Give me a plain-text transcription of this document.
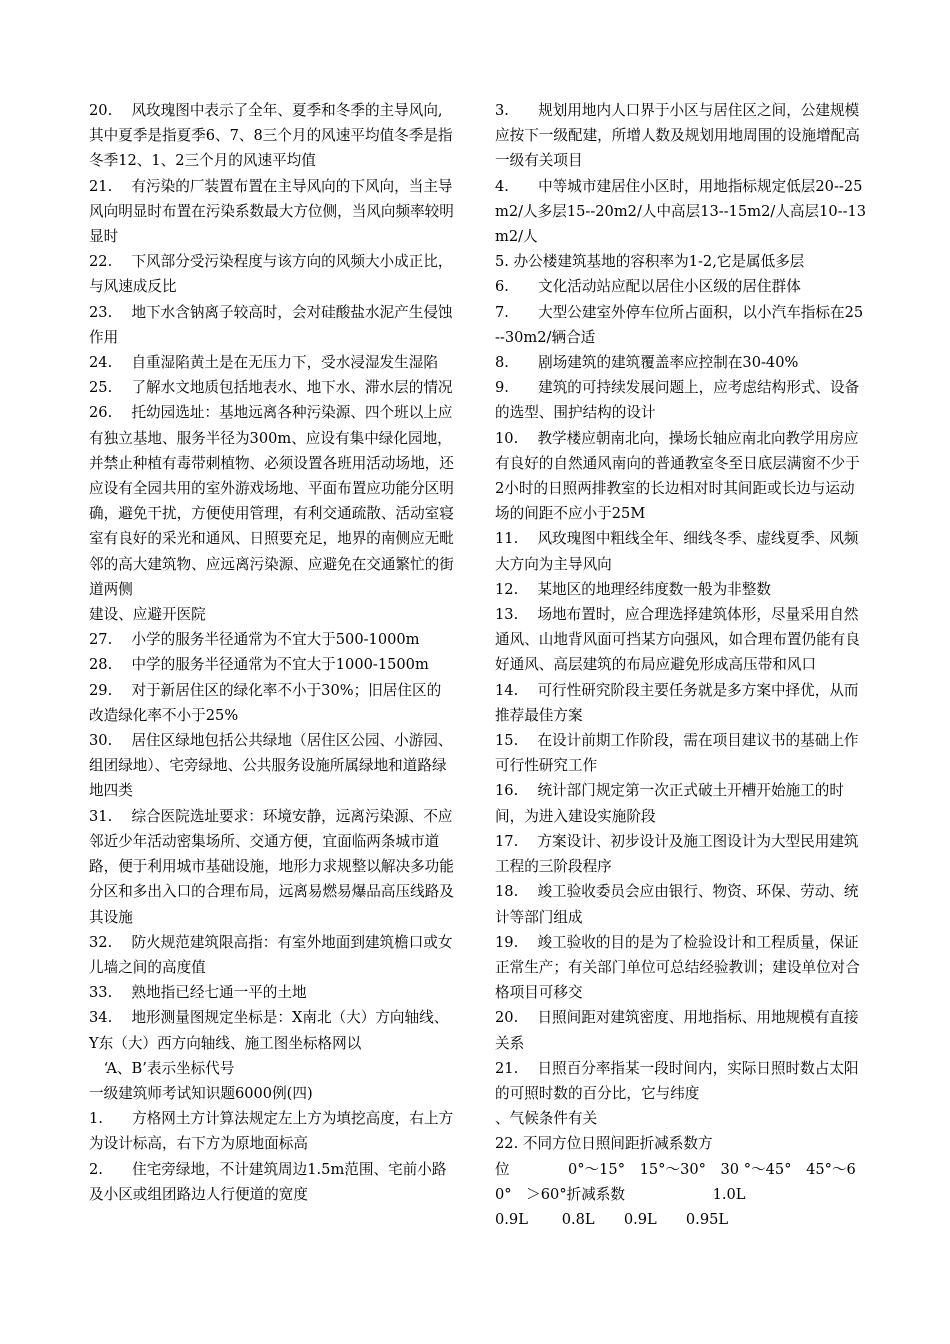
20.　 风玫瑰图中表示了全年、夏季和冬季的主导风向,其中夏季是指夏季6、7、8三个月的风速平均值冬季是指冬季12、1、2三个月的风速平均值

21.　 有污染的厂装置布置在主导风向的下风向，当主导风向明显时布置在污染系数最大方位侧，当风向频率较明显时

22.　 下风部分受污染程度与该方向的风频大小成正比，与风速成反比

23.　 地下水含钠离子较高时，会对硅酸盐水泥产生侵蚀作用

24.　 自重湿陷黄土是在无压力下，受水浸湿发生湿陷

25.　 了解水文地质包括地表水、地下水、滞水层的情况

26.　 托幼园选址：基地远离各种污染源、四个班以上应有独立基地、服务半径为300m、应设有集中绿化园地，并禁止种植有毒带刺植物、必须设置各班用活动场地，还应设有全园共用的室外游戏场地、平面布置应功能分区明确，避免干扰，方便使用管理，有利交通疏散、活动室寝室有良好的采光和通风、日照要充足，地界的南侧应无毗邻的高大建筑物、应远离污染源、应避免在交通繁忙的街道两侧

建设、应避开医院

27.　 小学的服务半径通常为不宜大于500-1000m

28.　 中学的服务半径通常为不宜大于1000-1500m

29.　 对于新居住区的绿化率不小于30%；旧居住区的改造绿化率不小于25%

30.　 居住区绿地包括公共绿地（居住区公园、小游园、组团绿地）、宅旁绿地、公共服务设施所属绿地和道路绿地四类

31.　 综合医院选址要求：环境安静，远离污染源、不应邻近少年活动密集场所、交通方便，宜面临两条城市道路，便于利用城市基础设施，地形力求规整以解决多功能分区和多出入口的合理布局，远离易燃易爆品高压线路及其设施

32.　 防火规范建筑限高指：有室外地面到建筑檐口或女儿墙之间的高度值

33.　 熟地指已经七通一平的土地

34.　 地形测量图规定坐标是：X南北（大）方向轴线、Y东（大）西方向轴线、施工图坐标格网以

　‘A、B’表示坐标代号

一级建筑师考试知识题6000例(四)

1.　　方格网土方计算法规定左上方为填挖高度，右上方为设计标高，右下方为原地面标高

2.　　住宅旁绿地，不计建筑周边1.5m范围、宅前小路及小区或组团路边人行便道的宽度

3.　　规划用地内人口界于小区与居住区之间，公建规模应按下一级配建，所增人数及规划用地周围的设施增配高一级有关项目

4.　　中等城市建居住小区时，用地指标规定低层20--25m2/人多层15--20m2/人中高层13--15m2/人高层10--13m2/人

5. 办公楼建筑基地的容积率为1-2,它是属低多层

6.　　文化活动站应配以居住小区级的居住群体

7.　　大型公建室外停车位所占面积，以小汽车指标在25--30m2/辆合适

8.　　剧场建筑的建筑覆盖率应控制在30-40%

9.　　建筑的可持续发展问题上，应考虑结构形式、设备的选型、围护结构的设计

10.　 教学楼应朝南北向，操场长轴应南北向教学用房应有良好的自然通风南向的普通教室冬至日底层满窗不少于2小时的日照两排教室的长边相对时其间距或长边与运动场的间距不应小于25M

11.　 风玫瑰图中粗线全年、细线冬季、虚线夏季、风频大方向为主导风向

12.　 某地区的地理经纬度数一般为非整数

13.　 场地布置时，应合理选择建筑体形，尽量采用自然通风、山地背风面可挡某方向强风，如合理布置仍能有良好通风、高层建筑的布局应避免形成高压带和风口

14.　 可行性研究阶段主要任务就是多方案中择优，从而推荐最佳方案

15.　 在设计前期工作阶段，需在项目建议书的基础上作可行性研究工作

16.　 统计部门规定第一次正式破土开槽开始施工的时间，为进入建设实施阶段

17.　 方案设计、初步设计及施工图设计为大型民用建筑工程的三阶段程序

18.　 竣工验收委员会应由银行、物资、环保、劳动、统计等部门组成

19.　 竣工验收的目的是为了检验设计和工程质量，保证正常生产；有关部门单位可总结经验教训；建设单位对合格项目可移交

20.　 日照间距对建筑密度、用地指标、用地规模有直接关系

21.　 日照百分率指某一段时间内，实际日照时数占太阳的可照时数的百分比，它与纬度

、气候条件有关

22. 不同方位日照间距折减系数方

位　　　　0°～15°　15°～30°　30 °～45°　45°～60°　＞60°折减系数　　　　　　1.0L

0.9L　　 0.8L　　0.9L　　0.95L
